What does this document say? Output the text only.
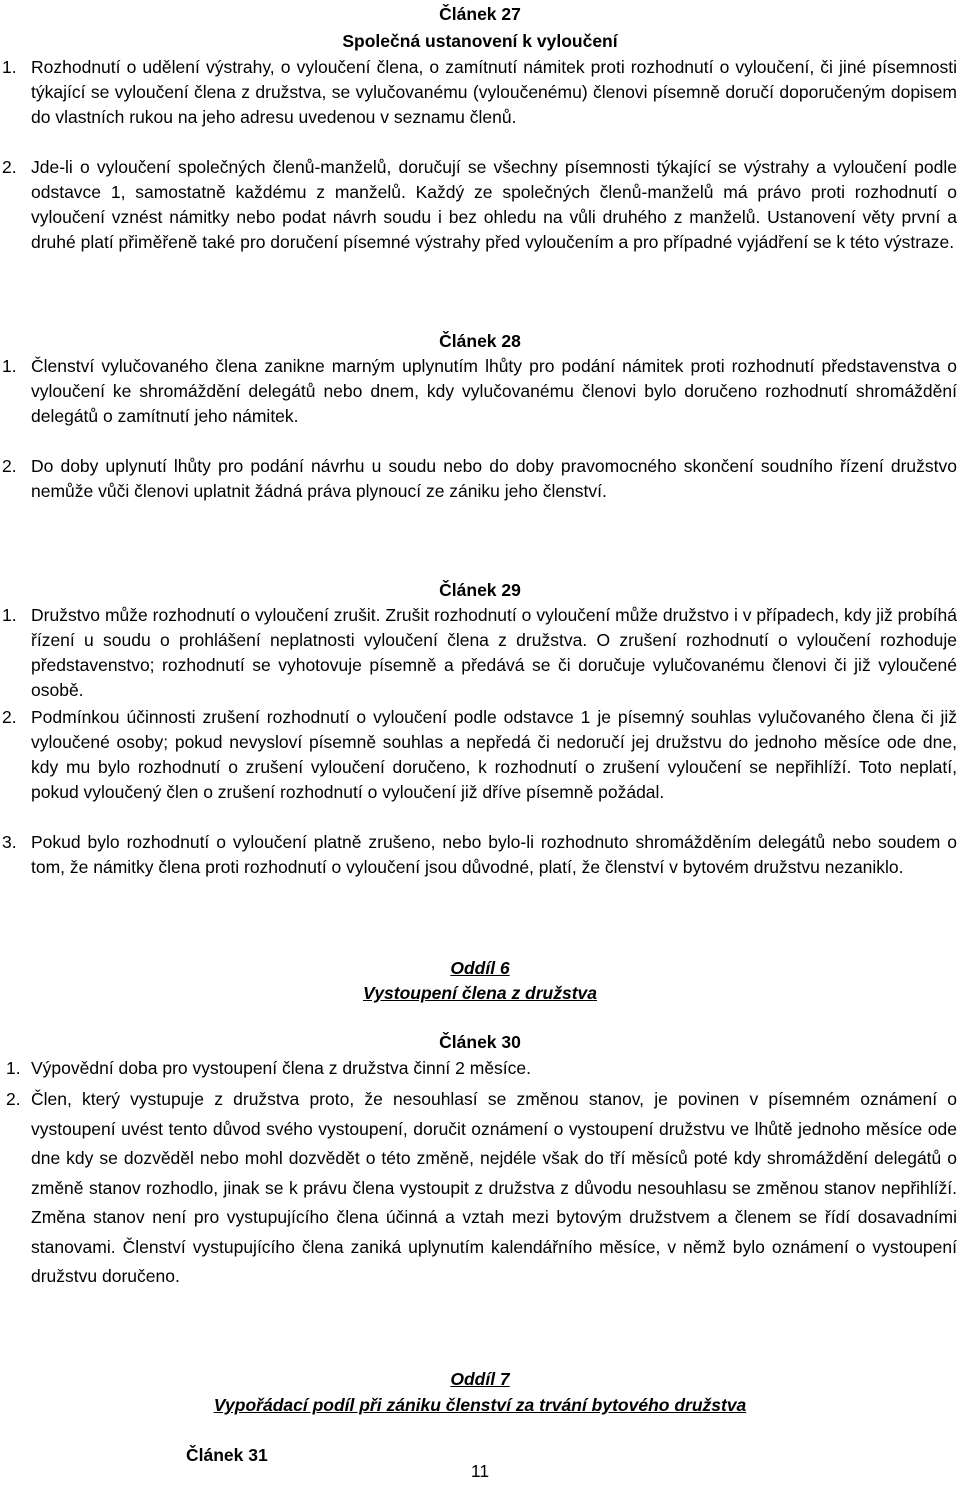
Článek 27
Společná ustanovení k vyloučení
1. Rozhodnutí o udělení výstrahy, o vyloučení člena, o zamítnutí námitek proti rozhodnutí o vyloučení, či jiné písemnosti týkající se vyloučení člena z družstva, se vylučovanému (vyloučenému) členovi písemně doručí doporučeným dopisem do vlastních rukou na jeho adresu uvedenou v seznamu členů.
2. Jde-li o vyloučení společných členů-manželů, doručují se všechny písemnosti týkající se výstrahy a vyloučení podle odstavce 1, samostatně každému z manželů. Každý ze společných členů-manželů má právo proti rozhodnutí o vyloučení vznést námitky nebo podat návrh soudu i bez ohledu na vůli druhého z manželů. Ustanovení věty první a druhé platí přiměřeně také pro doručení písemné výstrahy před vyloučením a pro případné vyjádření se k této výstraze.
Článek 28
1. Členství vylučovaného člena zanikne marným uplynutím lhůty pro podání námitek proti rozhodnutí představenstva o vyloučení ke shromáždění delegátů nebo dnem, kdy vylučovanému členovi bylo doručeno rozhodnutí shromáždění delegátů o zamítnutí jeho námitek.
2. Do doby uplynutí lhůty pro podání návrhu u soudu nebo do doby pravomocného skončení soudního řízení družstvo nemůže vůči členovi uplatnit žádná práva plynoucí ze zániku jeho členství.
Článek 29
1. Družstvo může rozhodnutí o vyloučení zrušit. Zrušit rozhodnutí o vyloučení může družstvo i v případech, kdy již probíhá řízení u soudu o prohlášení neplatnosti vyloučení člena z družstva. O zrušení rozhodnutí o vyloučení rozhoduje představenstvo; rozhodnutí se vyhotovuje písemně a předává se či doručuje vylučovanému členovi či již vyloučené osobě.
2. Podmínkou účinnosti zrušení rozhodnutí o vyloučení podle odstavce 1 je písemný souhlas vylučovaného člena či již vyloučené osoby; pokud nevysloví písemně souhlas a nepředá či nedoručí jej družstvu do jednoho měsíce ode dne, kdy mu bylo rozhodnutí o zrušení vyloučení doručeno, k rozhodnutí o zrušení vyloučení se nepřihlíží. Toto neplatí, pokud vyloučený člen o zrušení rozhodnutí o vyloučení již dříve písemně požádal.
3. Pokud bylo rozhodnutí o vyloučení platně zrušeno, nebo bylo-li rozhodnuto shromážděním delegátů nebo soudem o tom, že námitky člena proti rozhodnutí o vyloučení jsou důvodné, platí, že členství v bytovém družstvu nezaniklo.
Oddíl 6
Vystoupení člena z družstva
Článek 30
1. Výpovědní doba pro vystoupení člena z družstva činní 2 měsíce.
2. Člen, který vystupuje z družstva proto, že nesouhlasí se změnou stanov, je povinen v písemném oznámení o vystoupení uvést tento důvod svého vystoupení, doručit oznámení o vystoupení družstvu ve lhůtě jednoho měsíce ode dne kdy se dozvěděl nebo mohl dozvědět o této změně, nejdéle však do tří měsíců poté kdy shromáždění delegátů o změně stanov rozhodlo, jinak se k právu člena vystoupit z družstva z důvodu nesouhlasu se změnou stanov nepřihlíží. Změna stanov není pro vystupujícího člena účinná a vztah mezi bytovým družstvem a členem se řídí dosavadními stanovami. Členství vystupujícího člena zaniká uplynutím kalendářního měsíce, v němž bylo oznámení o vystoupení družstvu doručeno.
Oddíl 7
Vypořádací podíl při zániku členství za trvání bytového družstva
Článek 31
11
